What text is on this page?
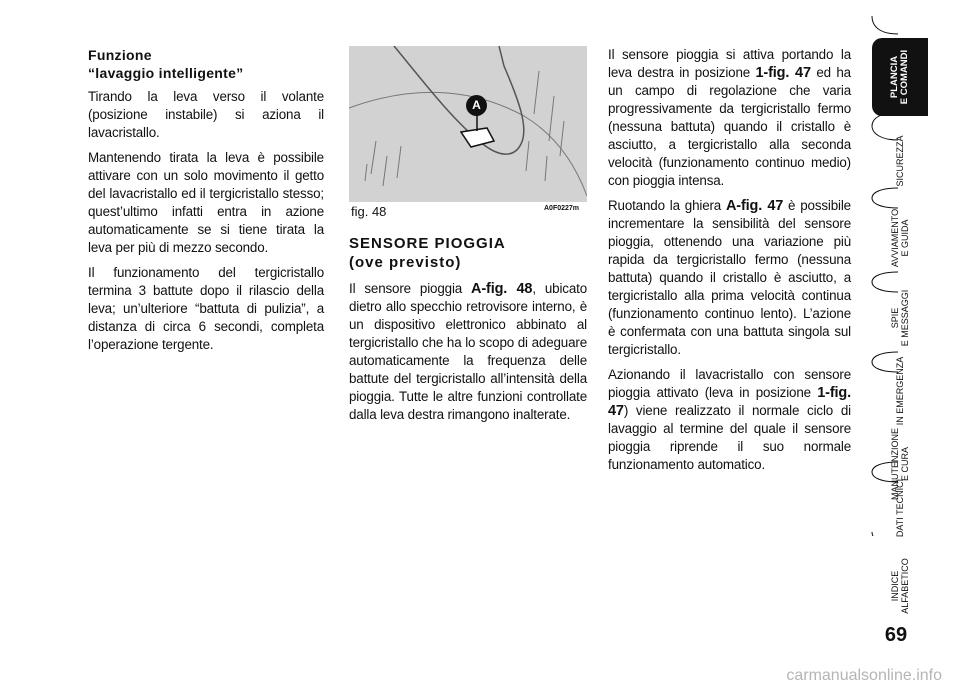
Funzione
“lavaggio intelligente”

Tirando la leva verso il volante (posizione instabile) si aziona il lavacristallo.

Mantenendo tirata la leva è possibile attivare con un solo movimento il getto del lavacristallo ed il tergicristallo stesso; quest’ultimo infatti entra in azione automaticamente se si tiene tirata la leva per più di mezzo secondo.

Il funzionamento del tergicristallo termina 3 battute dopo il rilascio della leva; un’ulteriore “battuta di pulizia”, a distanza di circa 6 secondi, completa l’operazione tergente.

A
fig. 48	A0F0227m
SENSORE PIOGGIA
(ove previsto)

Il sensore pioggia A-fig. 48, ubicato dietro allo specchio retrovisore interno, è un dispositivo elettronico abbinato al tergicristallo che ha lo scopo di adeguare automaticamente la frequenza delle battute del tergicristallo all’intensità della pioggia. Tutte le altre funzioni controllate dalla leva destra rimangono inalterate.

Il sensore pioggia si attiva portando la leva destra in posizione 1-fig. 47 ed ha un campo di regolazione che varia progressivamente da tergicristallo fermo (nessuna battuta) quando il cristallo è asciutto, a tergicristallo alla seconda velocità (funzionamento continuo medio) con pioggia intensa.

Ruotando la ghiera A-fig. 47 è possibile incrementare la sensibilità del sensore pioggia, ottenendo una variazione più rapida da tergicristallo fermo (nessuna battuta) quando il cristallo è asciutto, a tergicristallo alla prima velocità continua (funzionamento continuo lento). L’azione è confermata con una battuta singola sul tergicristallo.

Azionando il lavacristallo con sensore pioggia attivato (leva in posizione 1-fig. 47) viene realizzato il normale ciclo di lavaggio al termine del quale il sensore pioggia riprende il suo normale funzionamento automatico.

PLANCIA E COMANDI
SICUREZZA
AVVIAMENTO E GUIDA
SPIE E MESSAGGI
IN EMERGENZA
MANUTENZIONE E CURA
DATI TECNICI
INDICE ALFABETICO
69
carmanualsonline.info
